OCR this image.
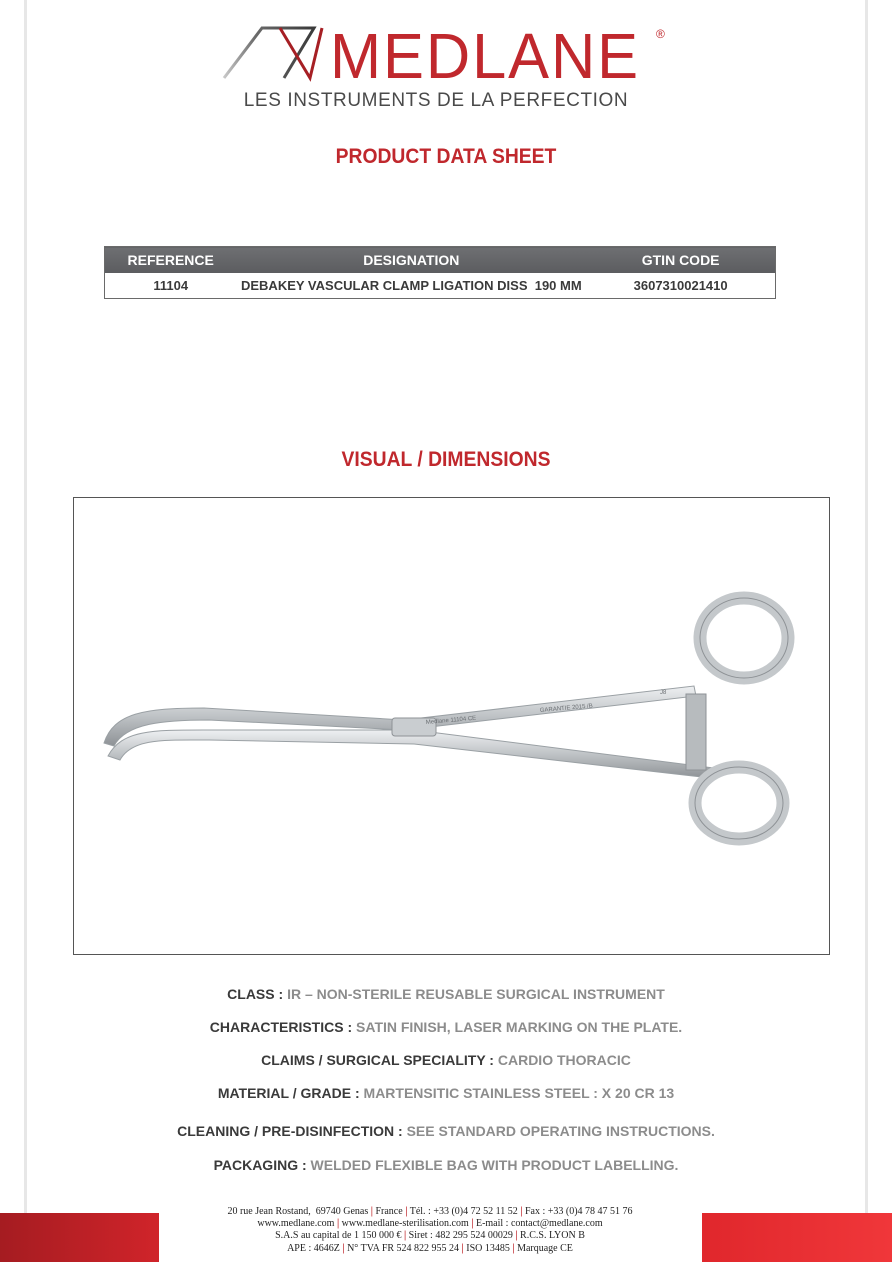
MEDLANE ®
LES INSTRUMENTS DE LA PERFECTION
PRODUCT DATA SHEET
REFERENCE	DESIGNATION	GTIN CODE
11104	DEBAKEY VASCULAR CLAMP LIGATION DISS  190 MM	3607310021410
VISUAL / DIMENSIONS
Medlane 11104 CE
GARANTIE 2015 /B
J8
CLASS : IR – NON-STERILE REUSABLE SURGICAL INSTRUMENT
CHARACTERISTICS : SATIN FINISH, LASER MARKING ON THE PLATE.
CLAIMS / SURGICAL SPECIALITY : CARDIO THORACIC
MATERIAL / GRADE : MARTENSITIC STAINLESS STEEL : X 20 CR 13
CLEANING / PRE-DISINFECTION : SEE STANDARD OPERATING INSTRUCTIONS.
PACKAGING : WELDED FLEXIBLE BAG WITH PRODUCT LABELLING.
20 rue Jean Rostand,  69740 Genas | France | Tél. : +33 (0)4 72 52 11 52 | Fax : +33 (0)4 78 47 51 76
www.medlane.com | www.medlane-sterilisation.com | E-mail : contact@medlane.com
S.A.S au capital de 1 150 000 € | Siret : 482 295 524 00029 | R.C.S. LYON B
APE : 4646Z | N° TVA FR 524 822 955 24 | ISO 13485 | Marquage CE
